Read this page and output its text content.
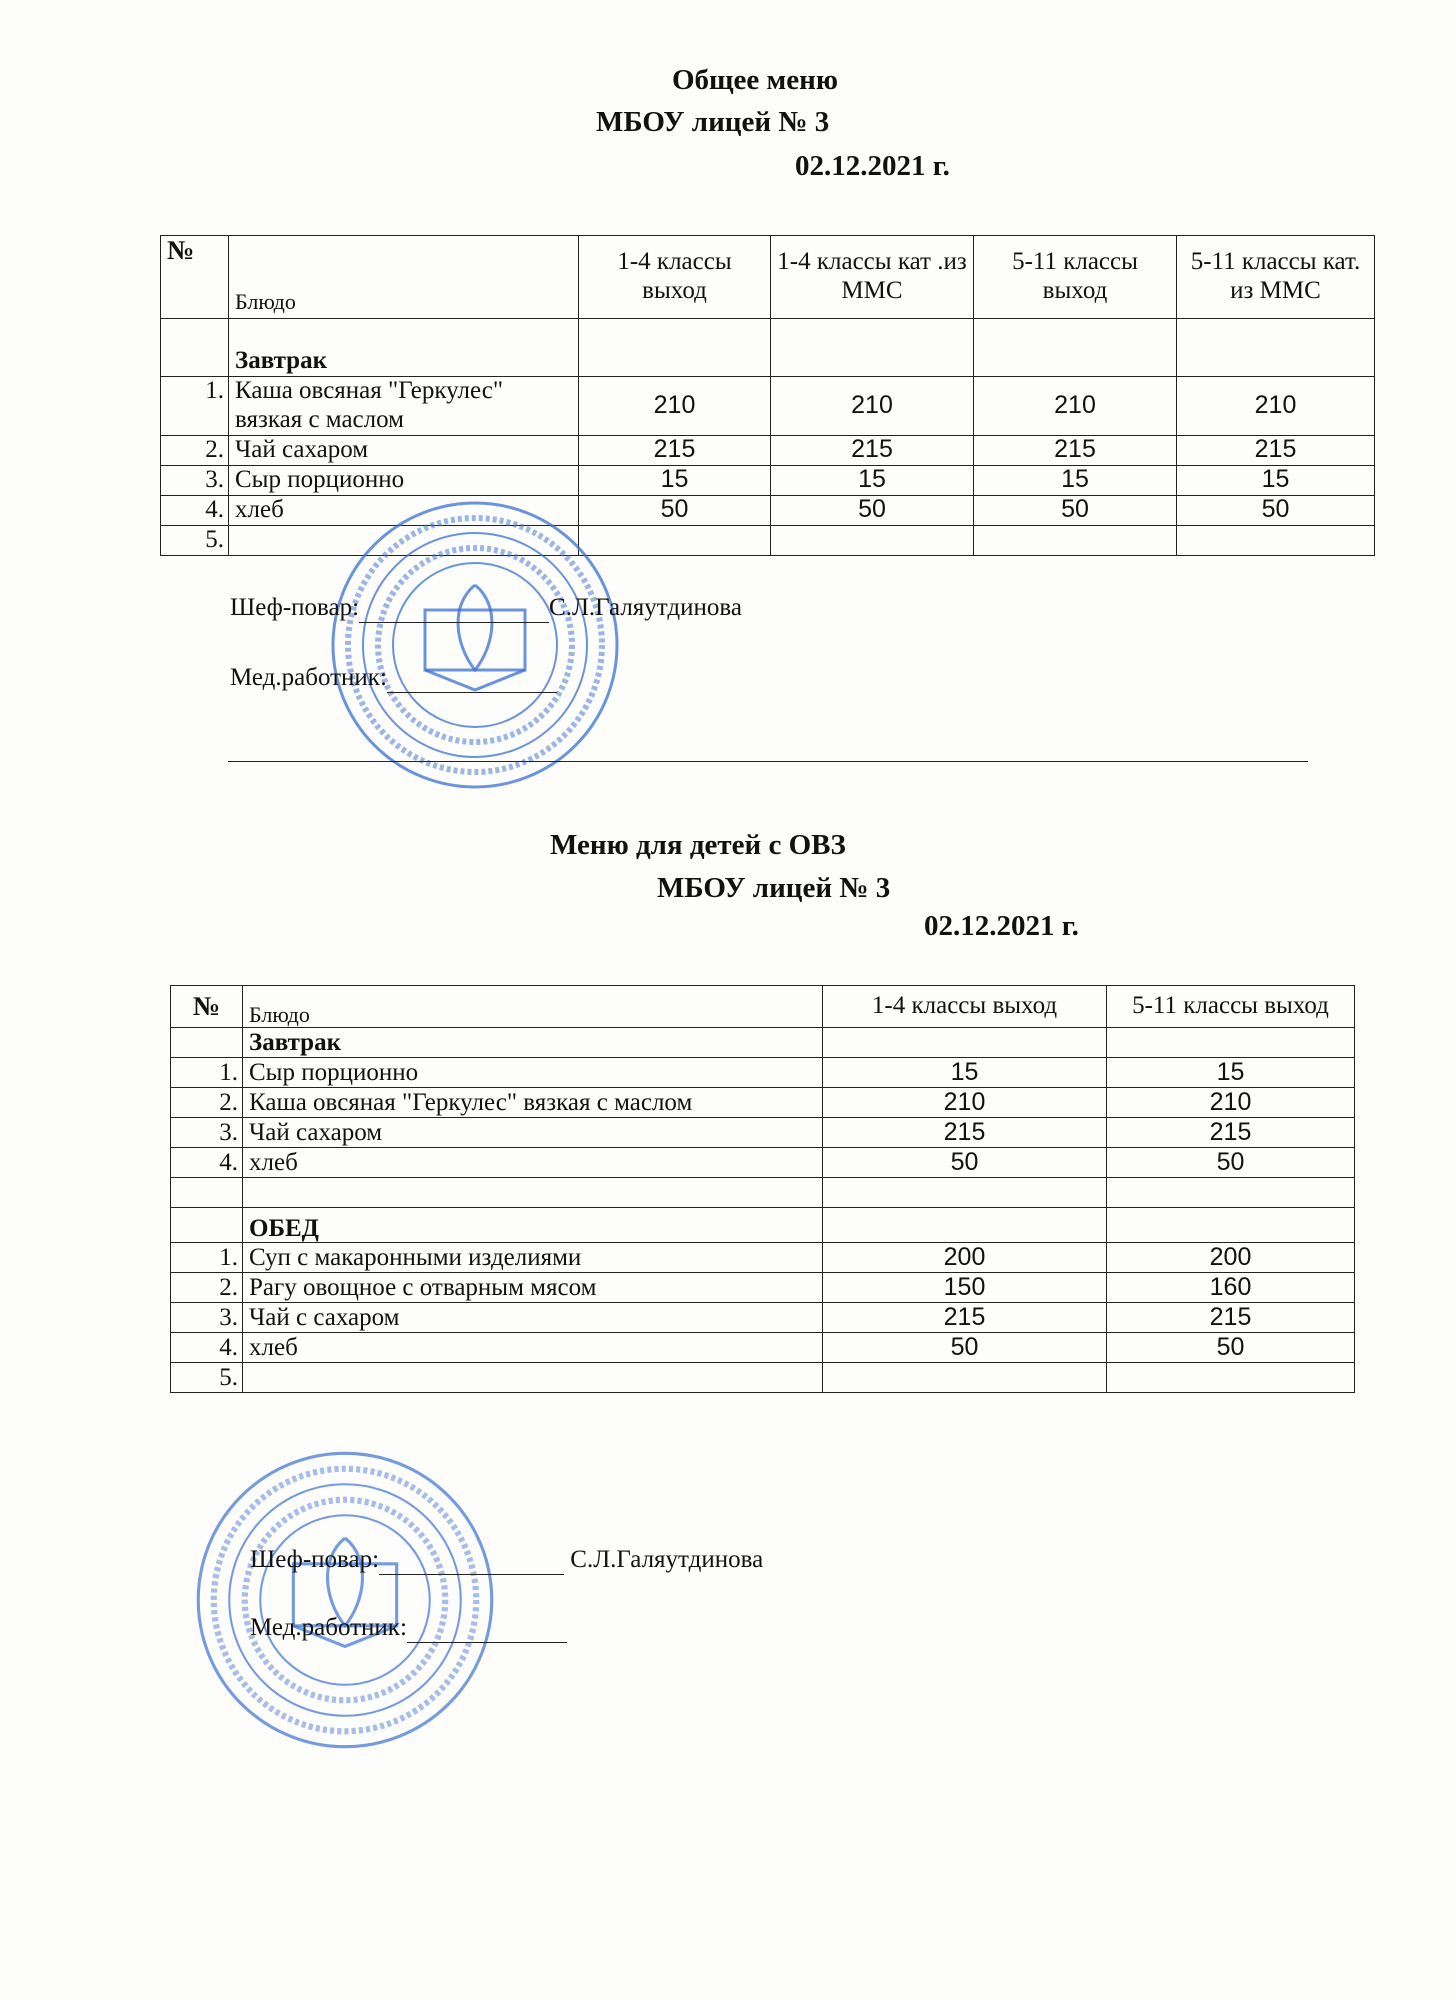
Общее меню
МБОУ лицей № 3
02.12.2021 г.
№	Блюдо	1-4 классы выход	1-4 классы кат .из ММС	5-11 классы выход	5-11 классы кат. из ММС
	Завтрак				
1.	Каша овсяная "Геркулес" вязкая с маслом	210	210	210	210
2.	Чай сахаром	215	215	215	215
3.	Сыр порционно	15	15	15	15
4.	хлеб	50	50	50	50
5.					
Шеф-повар:	С.Л.Галяутдинова
Мед.работник:
Меню для детей с ОВЗ
МБОУ лицей № 3
02.12.2021 г.
№	Блюдо	1-4 классы выход	5-11 классы выход
	Завтрак		
1.	Сыр порционно	15	15
2.	Каша овсяная "Геркулес" вязкая с маслом	210	210
3.	Чай сахаром	215	215
4.	хлеб	50	50

	ОБЕД		
1.	Суп с макаронными изделиями	200	200
2.	Рагу овощное с отварным мясом	150	160
3.	Чай с сахаром	215	215
4.	хлеб	50	50
5.			
Шеф-повар:	С.Л.Галяутдинова
Мед.работник:
